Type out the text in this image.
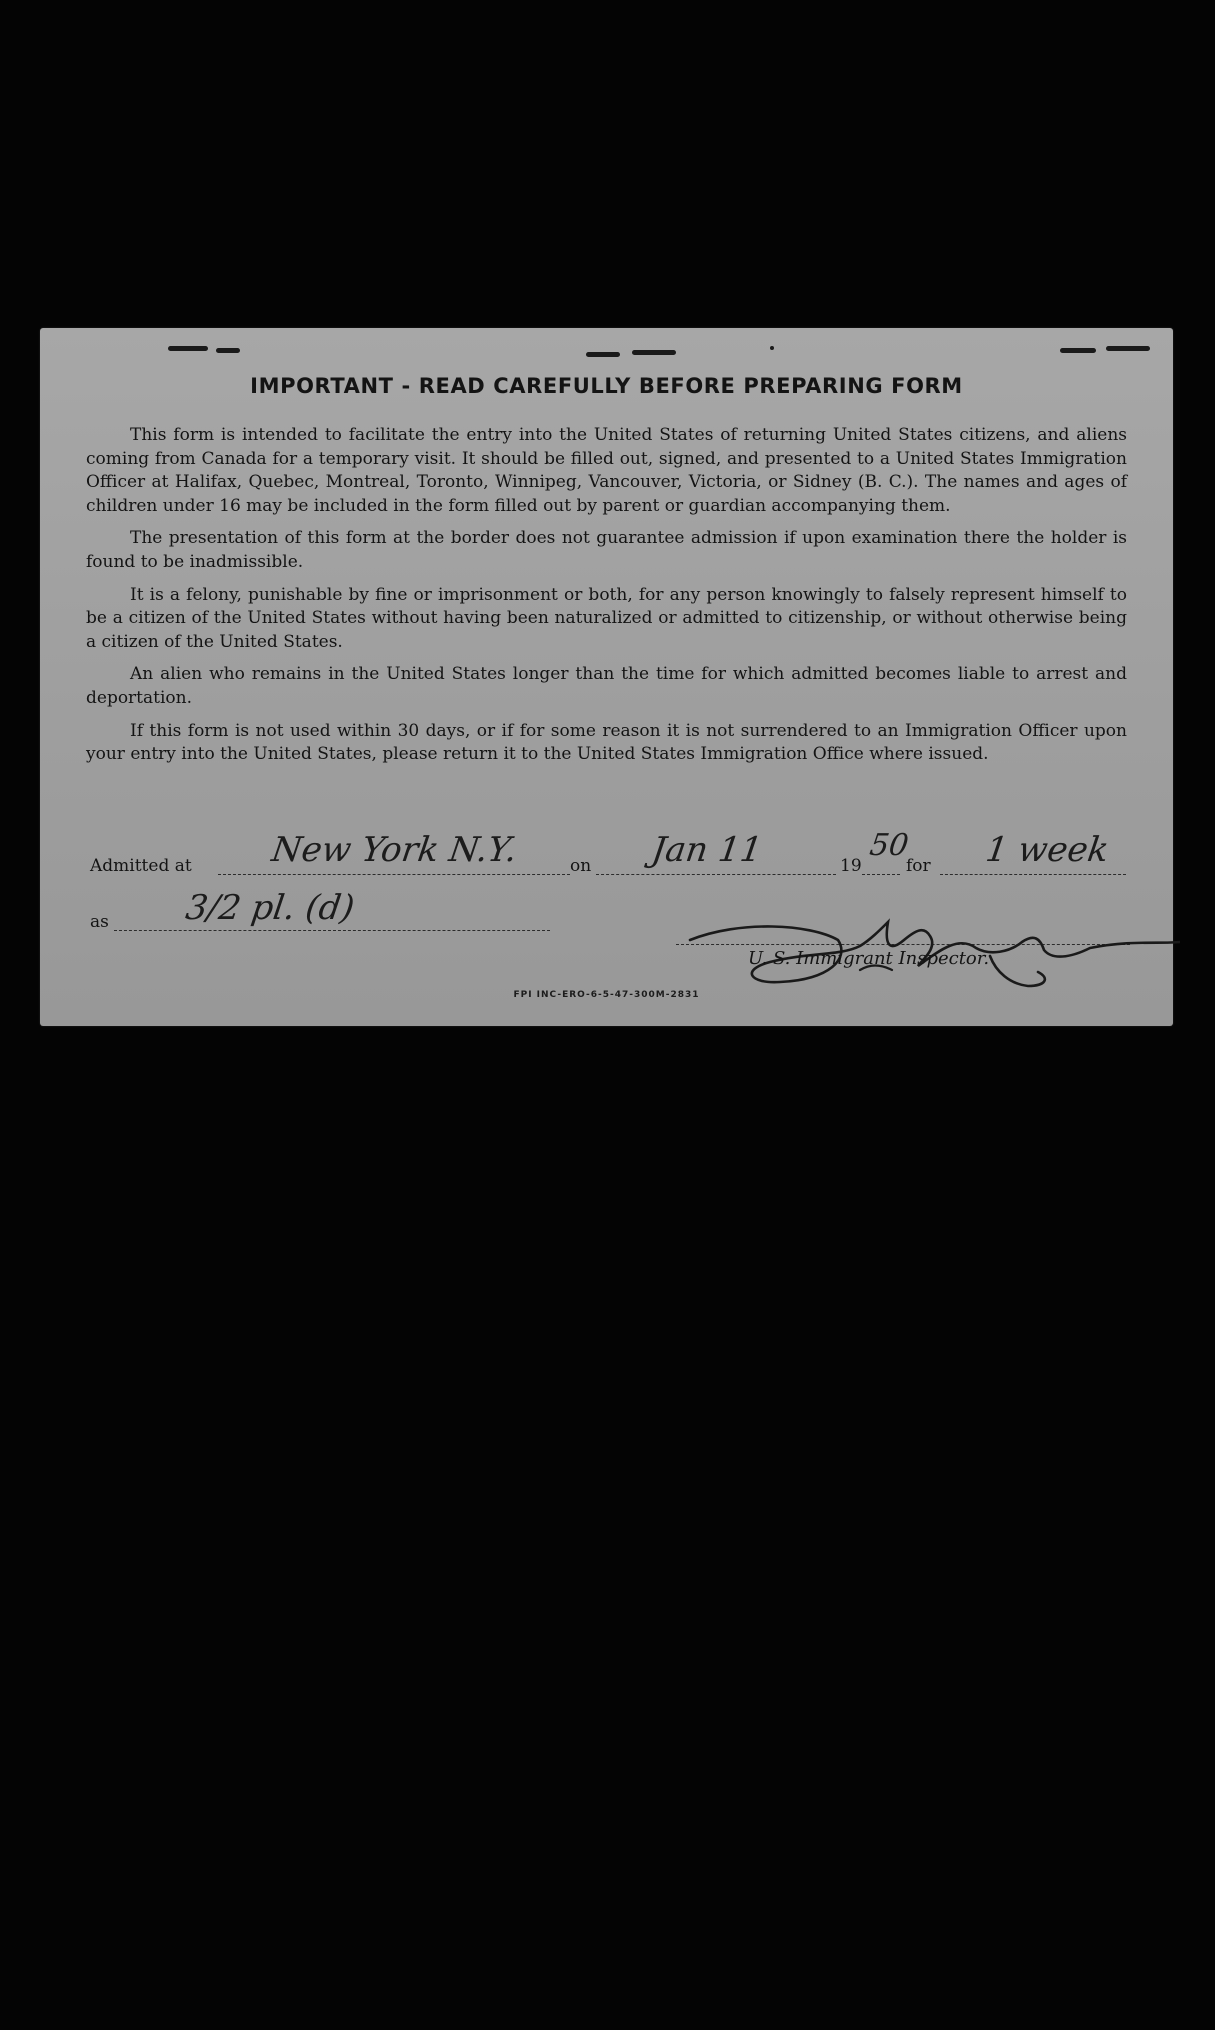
IMPORTANT - READ CAREFULLY BEFORE PREPARING FORM

This form is intended to facilitate the entry into the United States of returning United States citizens, and aliens coming from Canada for a temporary visit. It should be filled out, signed, and presented to a United States Immigration Officer at Halifax, Quebec, Montreal, Toronto, Winnipeg, Vancouver, Victoria, or Sidney (B. C.). The names and ages of children under 16 may be included in the form filled out by parent or guardian accompanying them.

The presentation of this form at the border does not guarantee admission if upon examination there the holder is found to be inadmissible.

It is a felony, punishable by fine or imprisonment or both, for any person knowingly to falsely represent himself to be a citizen of the United States without having been naturalized or admitted to citizenship, or without otherwise being a citizen of the United States.

An alien who remains in the United States longer than the time for which admitted becomes liable to arrest and deportation.

If this form is not used within 30 days, or if for some reason it is not surrendered to an Immigration Officer upon your entry into the United States, please return it to the United States Immigration Office where issued.

Admitted at New York N.Y.	on Jan 11	19
50
for 1 week
as 3/2 pl. (d)
U. S. Immigrant Inspector.
FPI INC-ERO-6-5-47-300M-2831
